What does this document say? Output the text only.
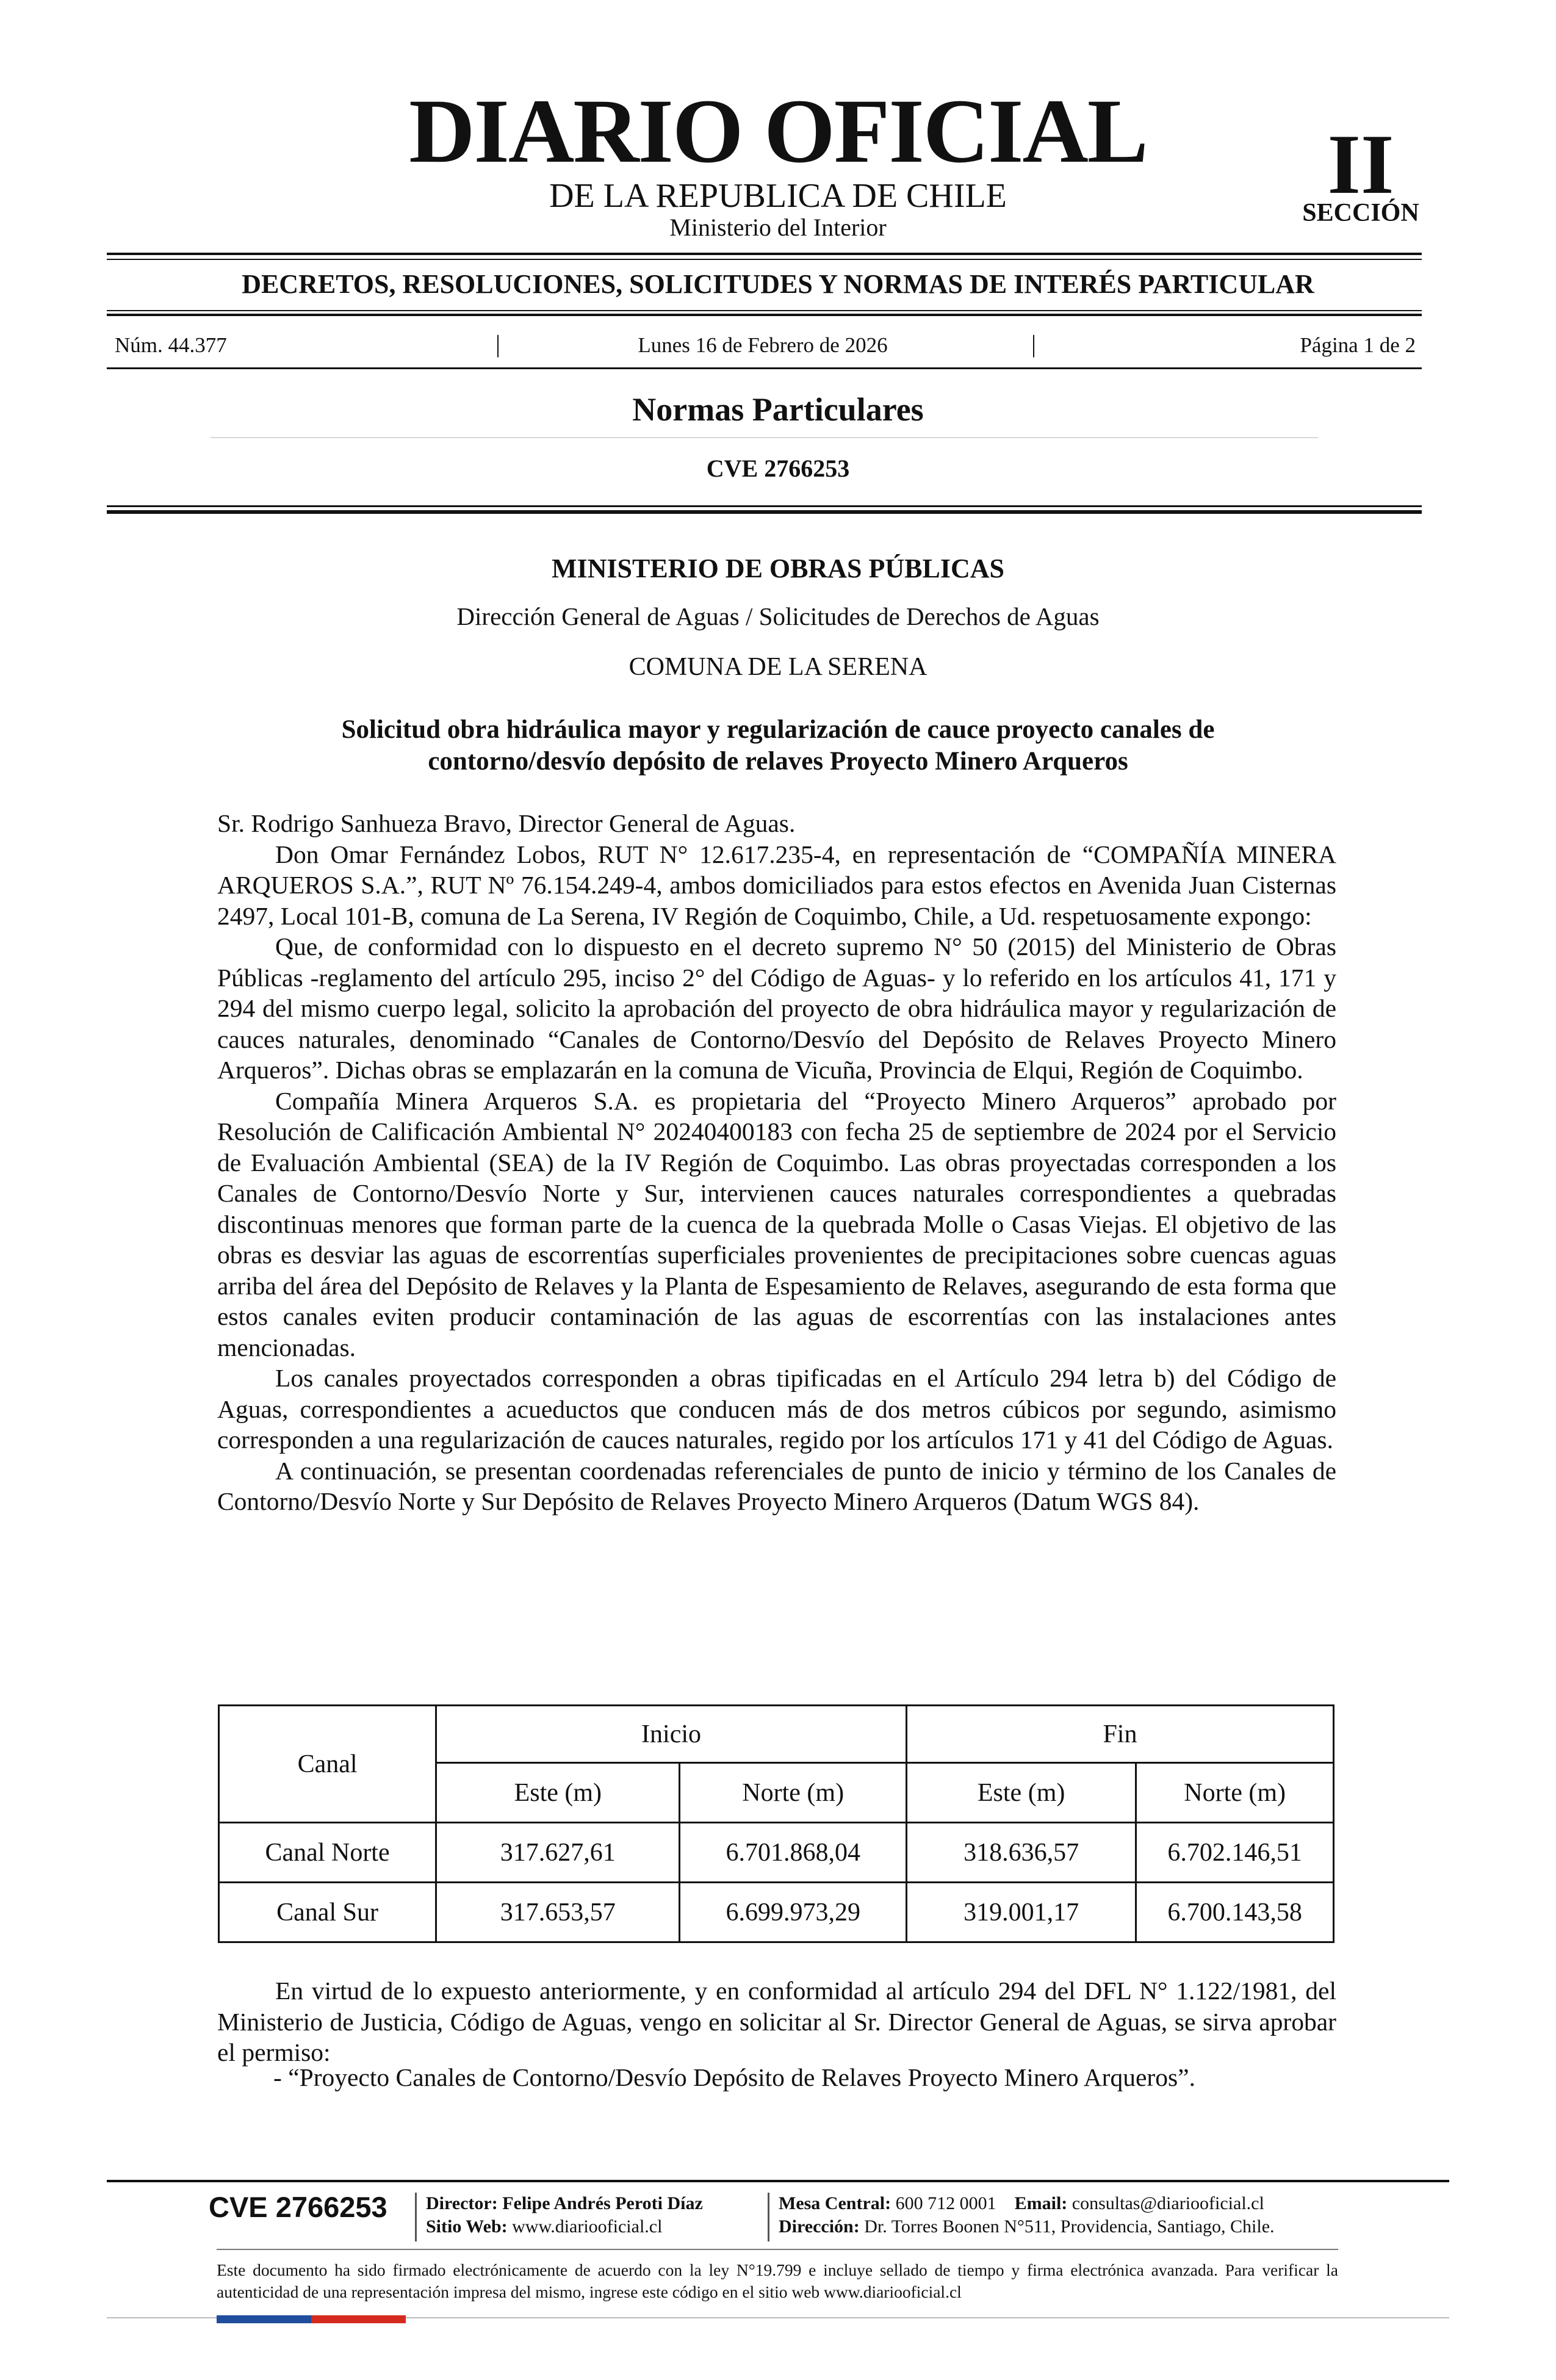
DIARIO OFICIAL
DE LA REPUBLICA DE CHILE
Ministerio del Interior
II
SECCIÓN
DECRETOS, RESOLUCIONES, SOLICITUDES Y NORMAS DE INTERÉS PARTICULAR
Núm. 44.377	|	Lunes 16 de Febrero de 2026	|	Página 1 de 2
Normas Particulares
CVE 2766253
MINISTERIO DE OBRAS PÚBLICAS
Dirección General de Aguas / Solicitudes de Derechos de Aguas
COMUNA DE LA SERENA
Solicitud obra hidráulica mayor y regularización de cauce proyecto canales de contorno/desvío depósito de relaves Proyecto Minero Arqueros

Sr. Rodrigo Sanhueza Bravo, Director General de Aguas.

Don Omar Fernández Lobos, RUT N° 12.617.235-4, en representación de “COMPAÑÍA MINERA ARQUEROS S.A.”, RUT Nº 76.154.249-4, ambos domiciliados para estos efectos en Avenida Juan Cisternas 2497, Local 101-B, comuna de La Serena, IV Región de Coquimbo, Chile, a Ud. respetuosamente expongo:

Que, de conformidad con lo dispuesto en el decreto supremo N° 50 (2015) del Ministerio de Obras Públicas -reglamento del artículo 295, inciso 2° del Código de Aguas- y lo referido en los artículos 41, 171 y 294 del mismo cuerpo legal, solicito la aprobación del proyecto de obra hidráulica mayor y regularización de cauces naturales, denominado “Canales de Contorno/Desvío del Depósito de Relaves Proyecto Minero Arqueros”. Dichas obras se emplazarán en la comuna de Vicuña, Provincia de Elqui, Región de Coquimbo.

Compañía Minera Arqueros S.A. es propietaria del “Proyecto Minero Arqueros” aprobado por Resolución de Calificación Ambiental N° 20240400183 con fecha 25 de septiembre de 2024 por el Servicio de Evaluación Ambiental (SEA) de la IV Región de Coquimbo. Las obras proyectadas corresponden a los Canales de Contorno/Desvío Norte y Sur, intervienen cauces naturales correspondientes a quebradas discontinuas menores que forman parte de la cuenca de la quebrada Molle o Casas Viejas. El objetivo de las obras es desviar las aguas de escorrentías superficiales provenientes de precipitaciones sobre cuencas aguas arriba del área del Depósito de Relaves y la Planta de Espesamiento de Relaves, asegurando de esta forma que estos canales eviten producir contaminación de las aguas de escorrentías con las instalaciones antes mencionadas.

Los canales proyectados corresponden a obras tipificadas en el Artículo 294 letra b) del Código de Aguas, correspondientes a acueductos que conducen más de dos metros cúbicos por segundo, asimismo corresponden a una regularización de cauces naturales, regido por los artículos 171 y 41 del Código de Aguas.

A continuación, se presentan coordenadas referenciales de punto de inicio y término de los Canales de Contorno/Desvío Norte y Sur Depósito de Relaves Proyecto Minero Arqueros (Datum WGS 84).

Canal	Inicio		Fin	
	Este (m)	Norte (m)	Este (m)	Norte (m)
Canal Norte	317.627,61	6.701.868,04	318.636,57	6.702.146,51
Canal Sur	317.653,57	6.699.973,29	319.001,17	6.700.143,58

En virtud de lo expuesto anteriormente, y en conformidad al artículo 294 del DFL N° 1.122/1981, del Ministerio de Justicia, Código de Aguas, vengo en solicitar al Sr. Director General de Aguas, se sirva aprobar el permiso:

- “Proyecto Canales de Contorno/Desvío Depósito de Relaves Proyecto Minero Arqueros”.
CVE 2766253 Director: Felipe Andrés Peroti Díaz
Sitio Web: www.diariooficial.cl
Mesa Central: 600 712 0001 Email: consultas@diariooficial.cl
Dirección: Dr. Torres Boonen N°511, Providencia, Santiago, Chile.
Este documento ha sido firmado electrónicamente de acuerdo con la ley N°19.799 e incluye sellado de tiempo y firma electrónica avanzada. Para verificar la autenticidad de una representación impresa del mismo, ingrese este código en el sitio web www.diariooficial.cl
